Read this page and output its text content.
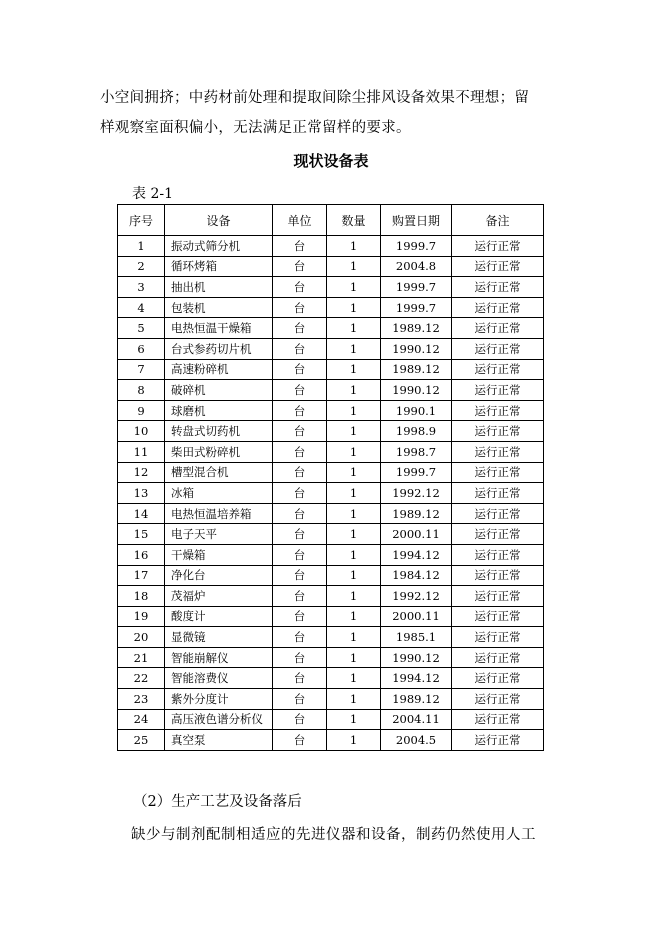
小空间拥挤；中药材前处理和提取间除尘排风设备效果不理想；留
样观察室面积偏小，无法满足正常留样的要求。
现状设备表
表 2-1
序号	设备	单位	数量	购置日期	备注
1	振动式筛分机	台	1	1999.7	运行正常
2	循环烤箱	台	1	2004.8	运行正常
3	抽出机	台	1	1999.7	运行正常
4	包装机	台	1	1999.7	运行正常
5	电热恒温干燥箱	台	1	1989.12	运行正常
6	台式参药切片机	台	1	1990.12	运行正常
7	高速粉碎机	台	1	1989.12	运行正常
8	破碎机	台	1	1990.12	运行正常
9	球磨机	台	1	1990.1	运行正常
10	转盘式切药机	台	1	1998.9	运行正常
11	柴田式粉碎机	台	1	1998.7	运行正常
12	槽型混合机	台	1	1999.7	运行正常
13	冰箱	台	1	1992.12	运行正常
14	电热恒温培养箱	台	1	1989.12	运行正常
15	电子天平	台	1	2000.11	运行正常
16	干燥箱	台	1	1994.12	运行正常
17	净化台	台	1	1984.12	运行正常
18	茂福炉	台	1	1992.12	运行正常
19	酸度计	台	1	2000.11	运行正常
20	显微镜	台	1	1985.1	运行正常
21	智能崩解仪	台	1	1990.12	运行正常
22	智能溶费仪	台	1	1994.12	运行正常
23	紫外分度计	台	1	1989.12	运行正常
24	高压液色谱分析仪	台	1	2004.11	运行正常
25	真空泵	台	1	2004.5	运行正常
（2）生产工艺及设备落后
缺少与制剂配制相适应的先进仪器和设备，制药仍然使用人工
